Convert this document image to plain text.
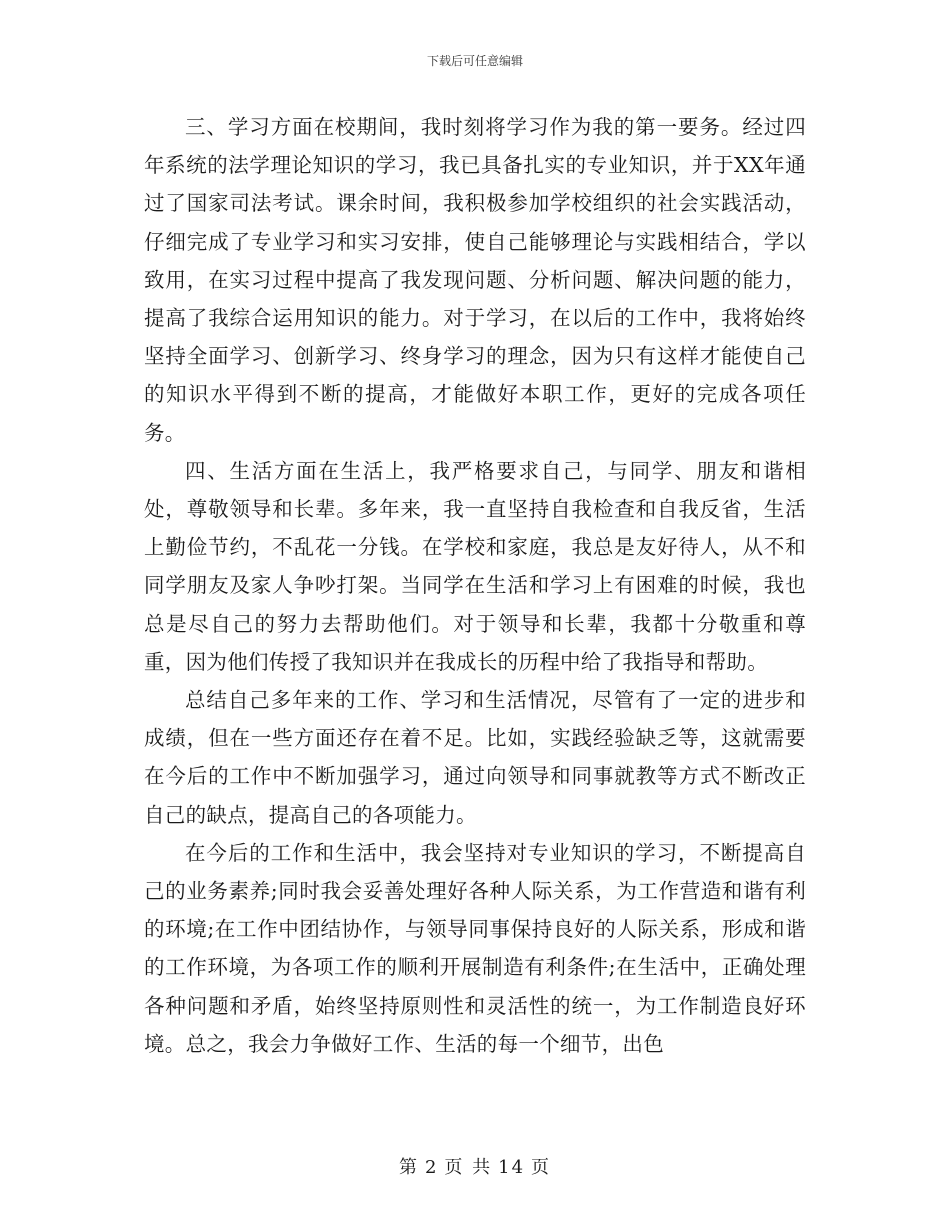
下载后可任意编辑

三、学习方面在校期间，我时刻将学习作为我的第一要务。经过四年系统的法学理论知识的学习，我已具备扎实的专业知识，并于XX年通过了国家司法考试。课余时间，我积极参加学校组织的社会实践活动，仔细完成了专业学习和实习安排，使自己能够理论与实践相结合，学以致用，在实习过程中提高了我发现问题、分析问题、解决问题的能力，提高了我综合运用知识的能力。对于学习，在以后的工作中，我将始终坚持全面学习、创新学习、终身学习的理念，因为只有这样才能使自己的知识水平得到不断的提高，才能做好本职工作，更好的完成各项任务。

四、生活方面在生活上，我严格要求自己，与同学、朋友和谐相处，尊敬领导和长辈。多年来，我一直坚持自我检查和自我反省，生活上勤俭节约，不乱花一分钱。在学校和家庭，我总是友好待人，从不和同学朋友及家人争吵打架。当同学在生活和学习上有困难的时候，我也总是尽自己的努力去帮助他们。对于领导和长辈，我都十分敬重和尊重，因为他们传授了我知识并在我成长的历程中给了我指导和帮助。

总结自己多年来的工作、学习和生活情况，尽管有了一定的进步和成绩，但在一些方面还存在着不足。比如，实践经验缺乏等，这就需要在今后的工作中不断加强学习，通过向领导和同事就教等方式不断改正自己的缺点，提高自己的各项能力。

在今后的工作和生活中，我会坚持对专业知识的学习，不断提高自己的业务素养;同时我会妥善处理好各种人际关系，为工作营造和谐有利的环境;在工作中团结协作，与领导同事保持良好的人际关系，形成和谐的工作环境，为各项工作的顺利开展制造有利条件;在生活中，正确处理各种问题和矛盾，始终坚持原则性和灵活性的统一，为工作制造良好环境。总之，我会力争做好工作、生活的每一个细节，出色

第 2 页 共 14 页
